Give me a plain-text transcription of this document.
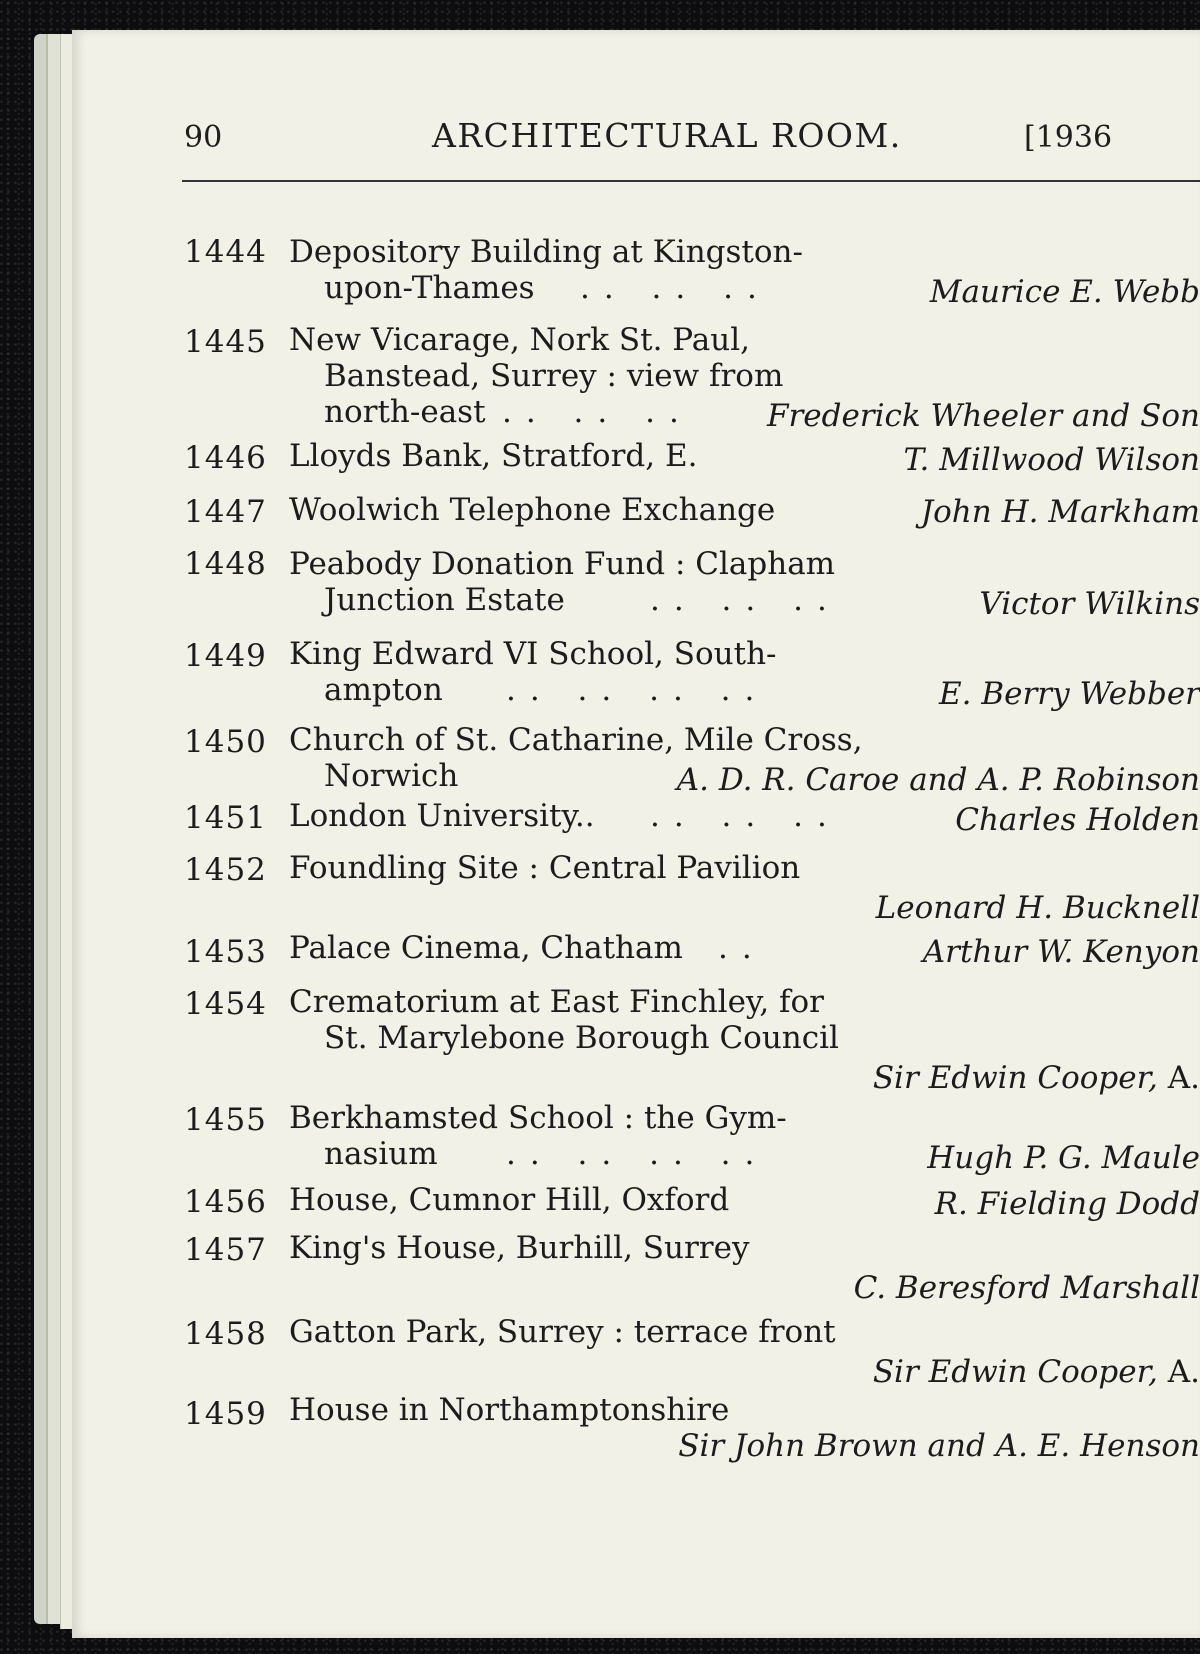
90	ARCHITECTURAL ROOM.	[1936
1444 Depository Building at Kingston-
upon-Thames .. .. ..	Maurice E. Webb
1445 New Vicarage, Nork St. Paul,
Banstead, Surrey : view from
north-east .. .. .. Frederick Wheeler and Son
1446 Lloyds Bank, Stratford, E.	T. Millwood Wilson
1447 Woolwich Telephone Exchange	John H. Markham
1448 Peabody Donation Fund : Clapham
Junction Estate	.. .. ..	Victor Wilkins
1449 King Edward VI School, South-
ampton .. .. .. ..	E. Berry Webber
1450 Church of St. Catharine, Mile Cross,
Norwich	A. D. R. Caroe and A. P. Robinson
1451 London University.. .. .. ..	Charles Holden
1452 Foundling Site : Central Pavilion
Leonard H. Bucknell
1453 Palace Cinema, Chatham ..	Arthur W. Kenyon
1454 Crematorium at East Finchley, for
St. Marylebone Borough Council
Sir Edwin Cooper, A.
1455 Berkhamsted School : the Gym-
nasium .. .. .. ..	Hugh P. G. Maule
1456 House, Cumnor Hill, Oxford	R. Fielding Dodd
1457 King's House, Burhill, Surrey
C. Beresford Marshall
1458 Gatton Park, Surrey : terrace front
Sir Edwin Cooper, A.
1459 House in Northamptonshire
Sir John Brown and A. E. Henson
